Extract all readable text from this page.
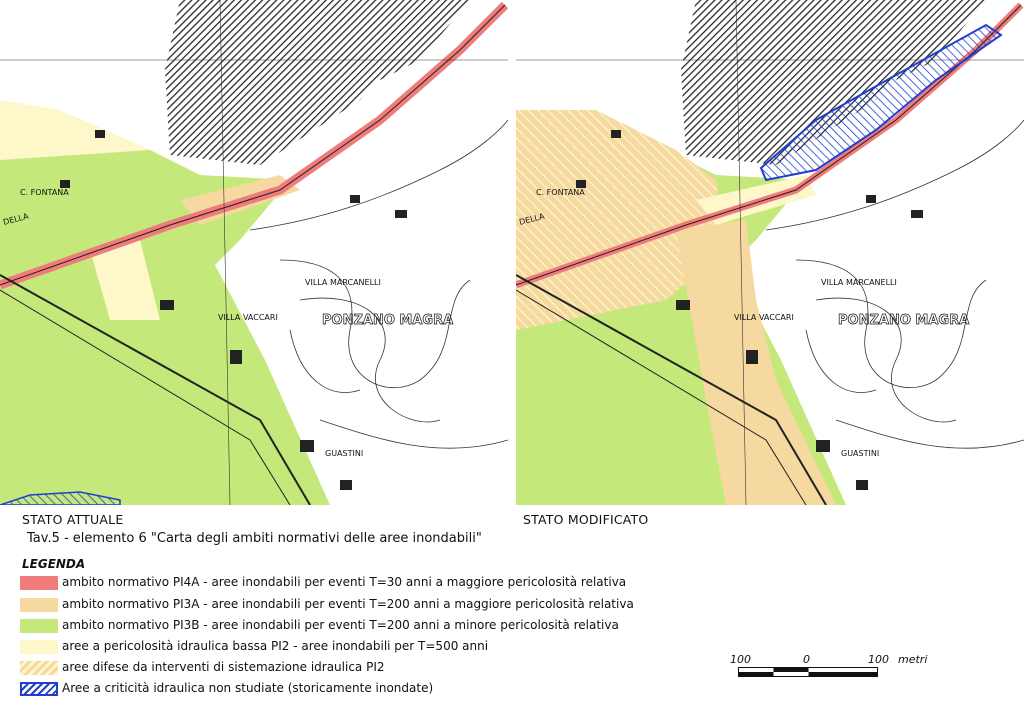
C. FONTANA
DELLA
VILLA MARCANELLI
VILLA VACCARI
GUASTINI
PONZANO MAGRA
C. FONTANA
DELLA
VILLA MARCANELLI
VILLA VACCARI
GUASTINI
PONZANO MAGRA
STATO ATTUALE	STATO MODIFICATO
Tav.5 - elemento 6 "Carta degli ambiti normativi delle aree inondabili"
LEGENDA
ambito normativo PI4A - aree inondabili per eventi T=30 anni a maggiore pericolosità relativa
ambito normativo PI3A - aree inondabili per eventi T=200 anni a maggiore pericolosità relativa
ambito normativo PI3B - aree inondabili per eventi T=200 anni a minore pericolosità relativa
aree a pericolosità idraulica bassa PI2 - aree inondabili per T=500 anni
aree difese da interventi di sistemazione idraulica PI2
Aree a criticità idraulica non studiate (storicamente inondate)
100	0	100 metri
